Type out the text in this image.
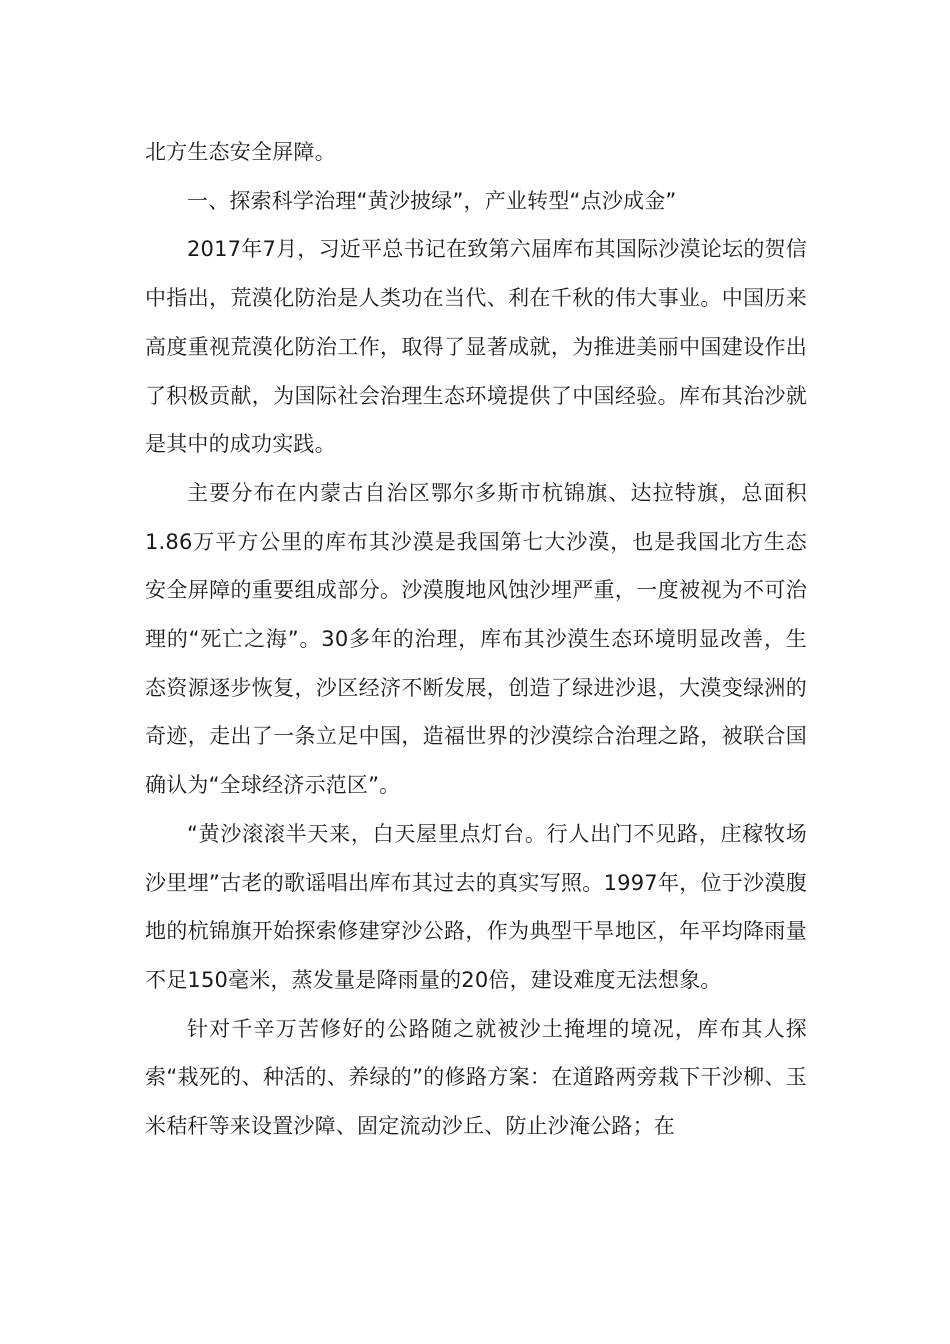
北方生态安全屏障。

一、探索科学治理“黄沙披绿”，产业转型“点沙成金”

2017年7月，习近平总书记在致第六届库布其国际沙漠论坛的贺信中指出，荒漠化防治是人类功在当代、利在千秋的伟大事业。中国历来高度重视荒漠化防治工作，取得了显著成就，为推进美丽中国建设作出了积极贡献，为国际社会治理生态环境提供了中国经验。库布其治沙就是其中的成功实践。

主要分布在内蒙古自治区鄂尔多斯市杭锦旗、达拉特旗，总面积1.86万平方公里的库布其沙漠是我国第七大沙漠，也是我国北方生态安全屏障的重要组成部分。沙漠腹地风蚀沙埋严重，一度被视为不可治理的“死亡之海”。30多年的治理，库布其沙漠生态环境明显改善，生态资源逐步恢复，沙区经济不断发展，创造了绿进沙退，大漠变绿洲的奇迹，走出了一条立足中国，造福世界的沙漠综合治理之路，被联合国确认为“全球经济示范区”。

“黄沙滚滚半天来，白天屋里点灯台。行人出门不见路，庄稼牧场沙里埋”古老的歌谣唱出库布其过去的真实写照。1997年，位于沙漠腹地的杭锦旗开始探索修建穿沙公路，作为典型干旱地区，年平均降雨量不足150毫米，蒸发量是降雨量的20倍，建设难度无法想象。

针对千辛万苦修好的公路随之就被沙土掩埋的境况，库布其人探索“栽死的、种活的、养绿的”的修路方案：在道路两旁栽下干沙柳、玉米秸秆等来设置沙障、固定流动沙丘、防止沙淹公路；在
